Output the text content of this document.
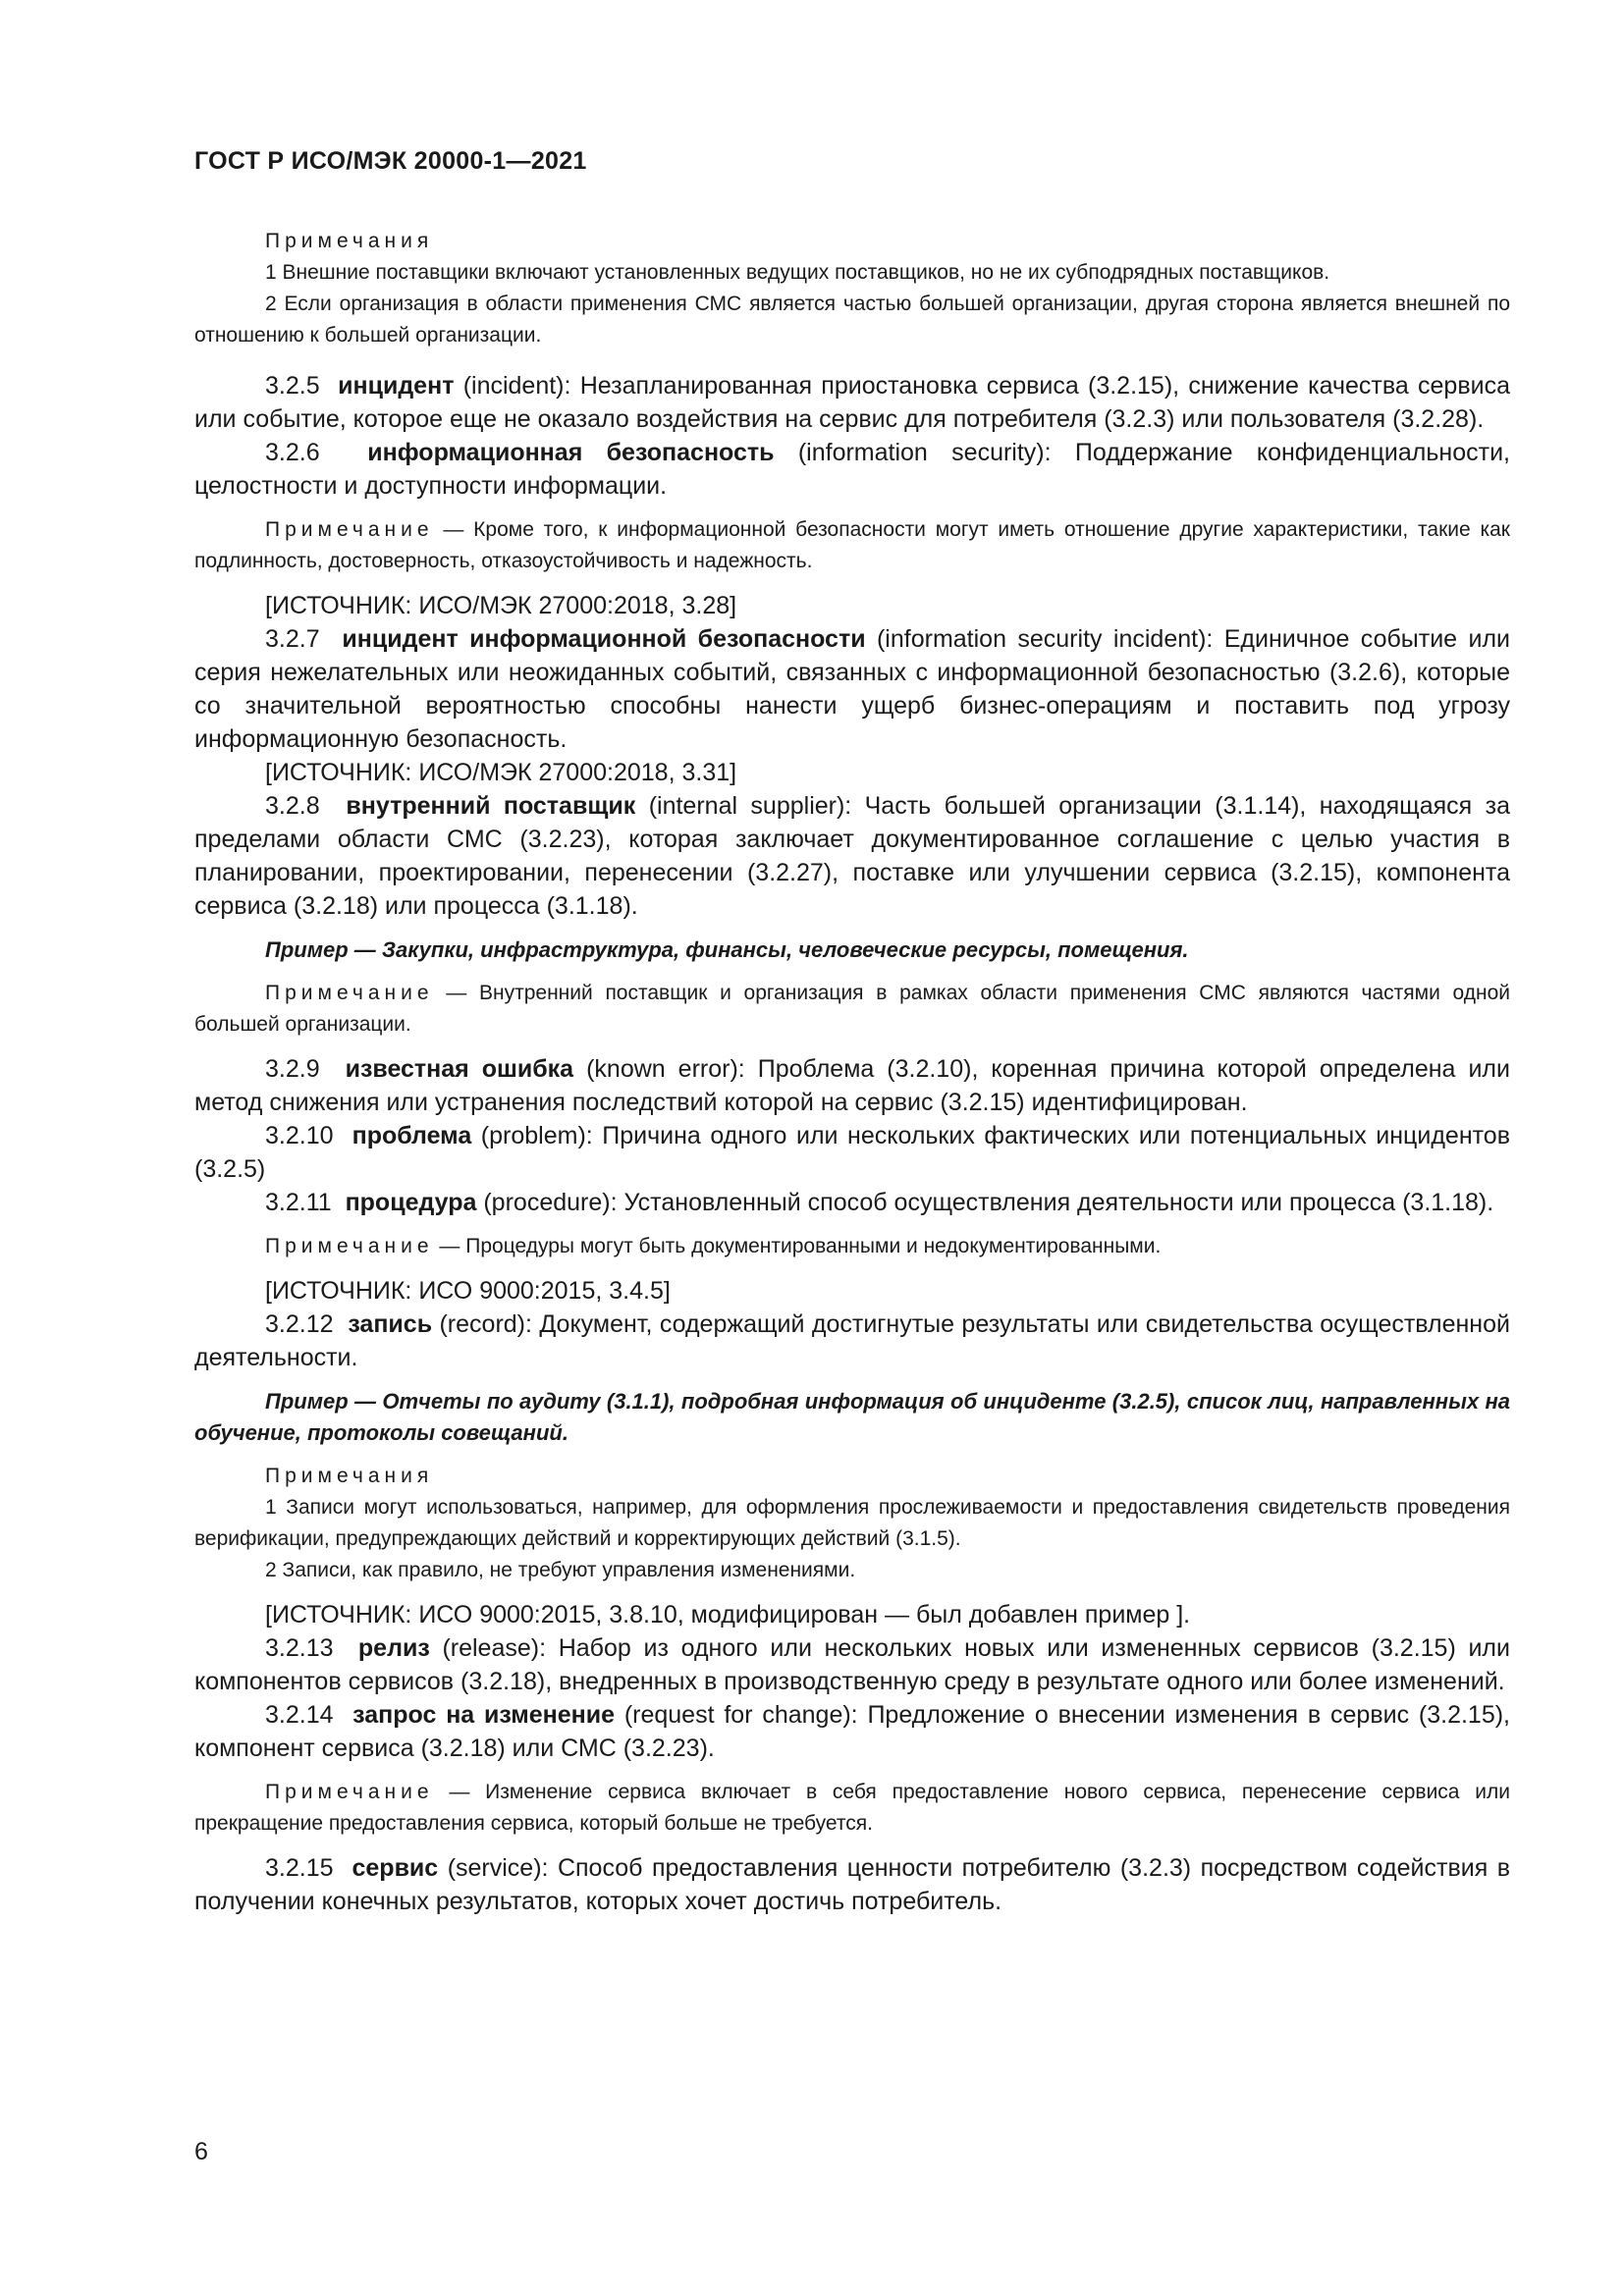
ГОСТ Р ИСО/МЭК 20000-1—2021
Примечания

1 Внешние поставщики включают установленных ведущих поставщиков, но не их субподрядных поставщиков.

2 Если организация в области применения СМС является частью большей организации, другая сторона является внешней по отношению к большей организации.

3.2.5 инцидент (incident): Незапланированная приостановка сервиса (3.2.15), снижение качества сервиса или событие, которое еще не оказало воздействия на сервис для потребителя (3.2.3) или пользователя (3.2.28).

3.2.6 информационная безопасность (information security): Поддержание конфиденциальности, целостности и доступности информации.

Примечание — Кроме того, к информационной безопасности могут иметь отношение другие характеристики, такие как подлинность, достоверность, отказоустойчивость и надежность.

[ИСТОЧНИК: ИСО/МЭК 27000:2018, 3.28]

3.2.7 инцидент информационной безопасности (information security incident): Единичное событие или серия нежелательных или неожиданных событий, связанных с информационной безопасностью (3.2.6), которые со значительной вероятностью способны нанести ущерб бизнес-операциям и поставить под угрозу информационную безопасность.

[ИСТОЧНИК: ИСО/МЭК 27000:2018, 3.31]

3.2.8 внутренний поставщик (internal supplier): Часть большей организации (3.1.14), находящаяся за пределами области СМС (3.2.23), которая заключает документированное соглашение с целью участия в планировании, проектировании, перенесении (3.2.27), поставке или улучшении сервиса (3.2.15), компонента сервиса (3.2.18) или процесса (3.1.18).

Пример — Закупки, инфраструктура, финансы, человеческие ресурсы, помещения.

Примечание — Внутренний поставщик и организация в рамках области применения СМС являются частями одной большей организации.

3.2.9 известная ошибка (known error): Проблема (3.2.10), коренная причина которой определена или метод снижения или устранения последствий которой на сервис (3.2.15) идентифицирован.

3.2.10 проблема (problem): Причина одного или нескольких фактических или потенциальных инцидентов (3.2.5)

3.2.11 процедура (procedure): Установленный способ осуществления деятельности или процесса (3.1.18).

Примечание — Процедуры могут быть документированными и недокументированными.

[ИСТОЧНИК: ИСО 9000:2015, 3.4.5]

3.2.12 запись (record): Документ, содержащий достигнутые результаты или свидетельства осуществленной деятельности.

Пример — Отчеты по аудиту (3.1.1), подробная информация об инциденте (3.2.5), список лиц, направленных на обучение, протоколы совещаний.

Примечания

1 Записи могут использоваться, например, для оформления прослеживаемости и предоставления свидетельств проведения верификации, предупреждающих действий и корректирующих действий (3.1.5).

2 Записи, как правило, не требуют управления изменениями.

[ИСТОЧНИК: ИСО 9000:2015, 3.8.10, модифицирован — был добавлен пример ].

3.2.13 релиз (release): Набор из одного или нескольких новых или измененных сервисов (3.2.15) или компонентов сервисов (3.2.18), внедренных в производственную среду в результате одного или более изменений.

3.2.14 запрос на изменение (request for change): Предложение о внесении изменения в сервис (3.2.15), компонент сервиса (3.2.18) или СМС (3.2.23).

Примечание — Изменение сервиса включает в себя предоставление нового сервиса, перенесение сервиса или прекращение предоставления сервиса, который больше не требуется.

3.2.15 сервис (service): Способ предоставления ценности потребителю (3.2.3) посредством содействия в получении конечных результатов, которых хочет достичь потребитель.

6
